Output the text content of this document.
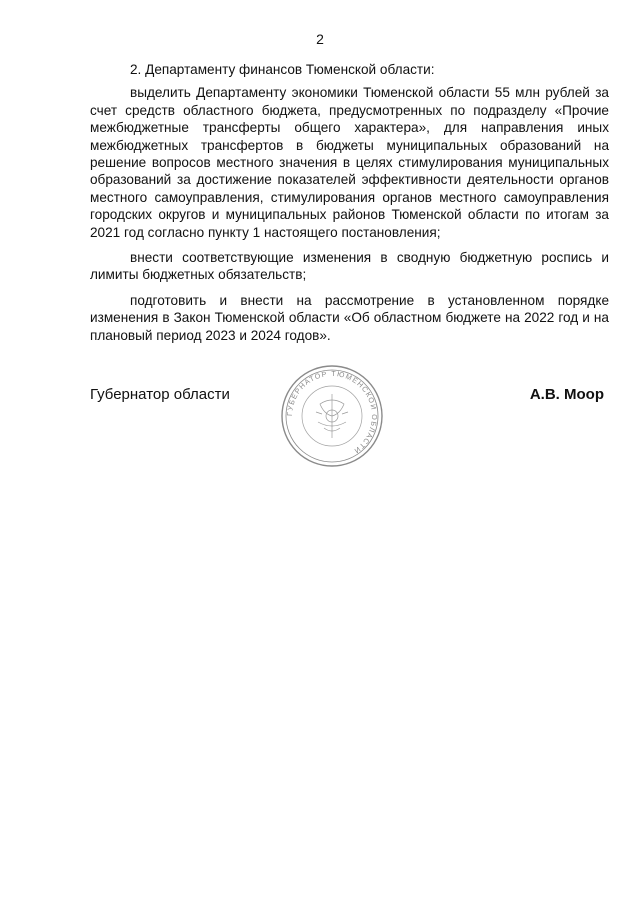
2

2. Департаменту финансов Тюменской области:

выделить Департаменту экономики Тюменской области 55 млн рублей за счет средств областного бюджета, предусмотренных по подразделу «Прочие межбюджетные трансферты общего характера», для направления иных межбюджетных трансфертов в бюджеты муниципальных образований на решение вопросов местного значения в целях стимулирования муниципальных образований за достижение показателей эффективности деятельности органов местного самоуправления, стимулирования органов местного самоуправления городских округов и муниципальных районов Тюменской области по итогам за 2021 год согласно пункту 1 настоящего постановления;

внести соответствующие изменения в сводную бюджетную роспись и лимиты бюджетных обязательств;

подготовить и внести на рассмотрение в установленном порядке изменения в Закон Тюменской области «Об областном бюджете на 2022 год и на плановый период 2023 и 2024 годов».

Губернатор области
ГУБЕРНАТОР ТЮМЕНСКОЙ ОБЛАСТИ
А.В. Моор
